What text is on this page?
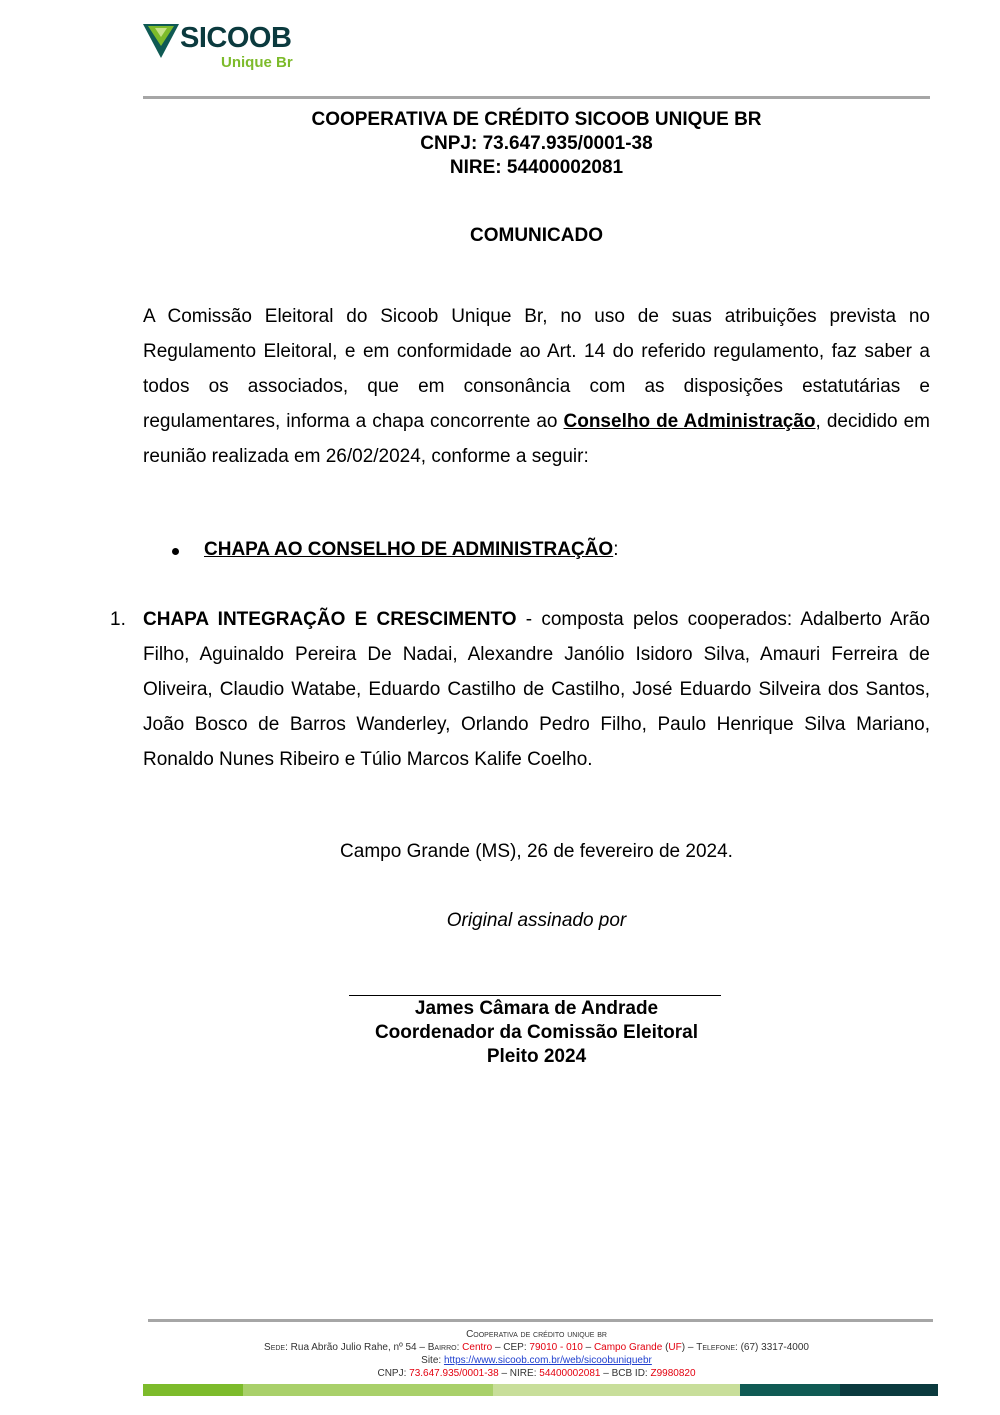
SICOOB
Unique Br
COOPERATIVA DE CRÉDITO SICOOB UNIQUE BR
CNPJ: 73.647.935/0001-38
NIRE: 54400002081
COMUNICADO
A Comissão Eleitoral do Sicoob Unique Br, no uso de suas atribuições prevista no Regulamento Eleitoral, e em conformidade ao Art. 14 do referido regulamento, faz saber a todos os associados, que em consonância com as disposições estatutárias e regulamentares, informa a chapa concorrente ao Conselho de Administração, decidido em reunião realizada em 26/02/2024, conforme a seguir:
CHAPA AO CONSELHO DE ADMINISTRAÇÃO:
1. CHAPA INTEGRAÇÃO E CRESCIMENTO - composta pelos cooperados: Adalberto Arão Filho, Aguinaldo Pereira De Nadai, Alexandre Janólio Isidoro Silva, Amauri Ferreira de Oliveira, Claudio Watabe, Eduardo Castilho de Castilho, José Eduardo Silveira dos Santos, João Bosco de Barros Wanderley, Orlando Pedro Filho, Paulo Henrique Silva Mariano, Ronaldo Nunes Ribeiro e Túlio Marcos Kalife Coelho.
Campo Grande (MS), 26 de fevereiro de 2024.
Original assinado por
James Câmara de Andrade
Coordenador da Comissão Eleitoral
Pleito 2024
Cooperativa de crédito unique br
Sede: Rua Abrão Julio Rahe, nº 54 – Bairro: Centro – CEP: 79010 - 010 – Campo Grande (UF) – Telefone: (67) 3317-4000
Site: https://www.sicoob.com.br/web/sicoobuniquebr
CNPJ: 73.647.935/0001-38 – NIRE: 54400002081 – BCB ID: Z9980820
